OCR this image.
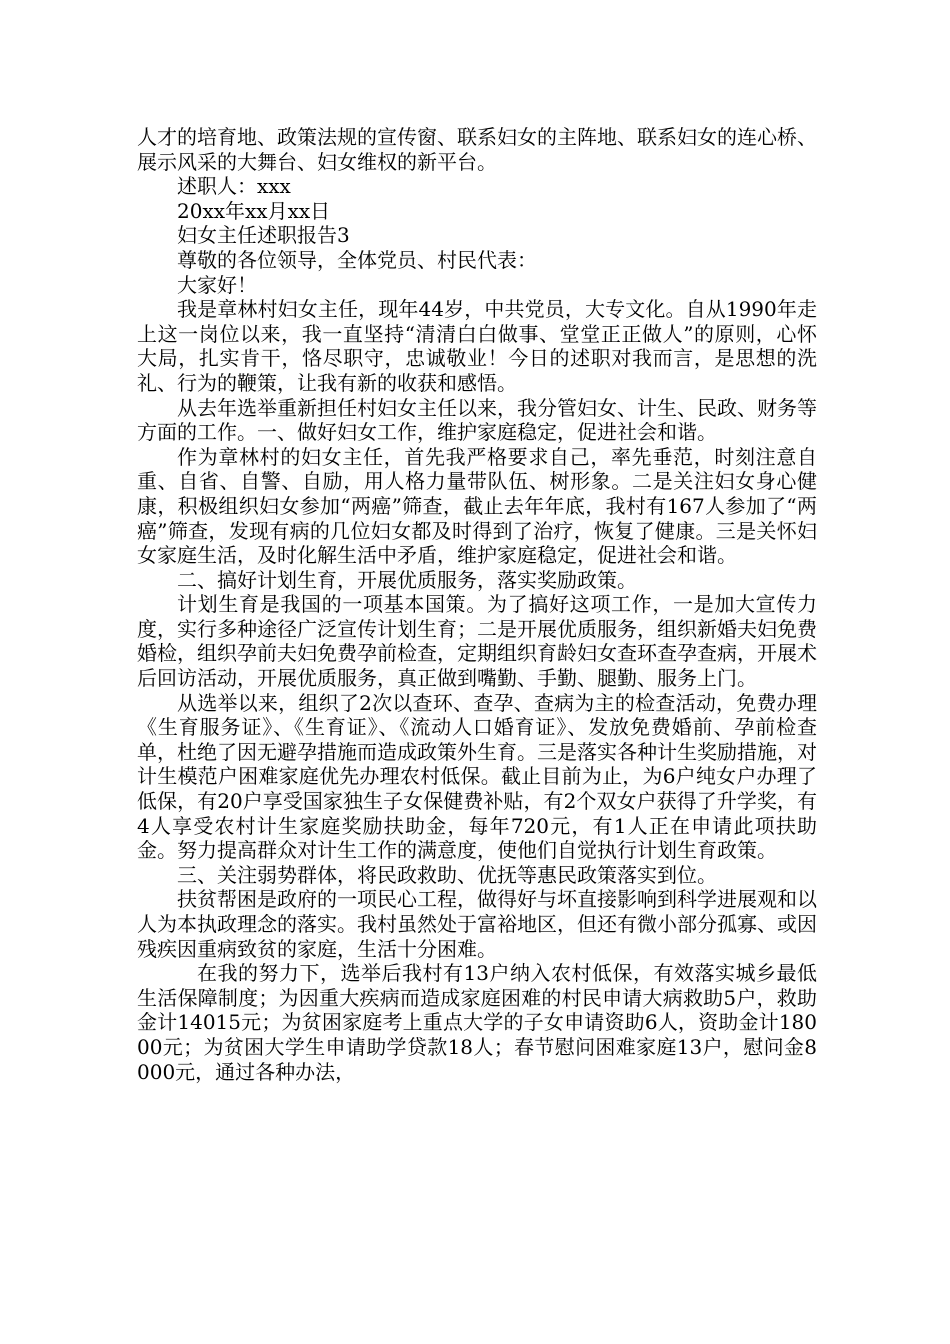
人才的培育地、政策法规的宣传窗、联系妇女的主阵地、联系妇女的连心桥、展示风采的大舞台、妇女维权的新平台。

述职人：xxx

20xx年xx月xx日

妇女主任述职报告3

尊敬的各位领导，全体党员、村民代表：

大家好！

我是章林村妇女主任，现年44岁，中共党员，大专文化。自从1990年走上这一岗位以来，我一直坚持“清清白白做事、堂堂正正做人”的原则，心怀大局，扎实肯干，恪尽职守，忠诚敬业！今日的述职对我而言，是思想的洗礼、行为的鞭策，让我有新的收获和感悟。

从去年选举重新担任村妇女主任以来，我分管妇女、计生、民政、财务等方面的工作。一、做好妇女工作，维护家庭稳定，促进社会和谐。

作为章林村的妇女主任，首先我严格要求自己，率先垂范，时刻注意自重、自省、自警、自励，用人格力量带队伍、树形象。二是关注妇女身心健康，积极组织妇女参加“两癌”筛查，截止去年年底，我村有167人参加了“两癌”筛查，发现有病的几位妇女都及时得到了治疗，恢复了健康。三是关怀妇女家庭生活，及时化解生活中矛盾，维护家庭稳定，促进社会和谐。

二、搞好计划生育，开展优质服务，落实奖励政策。

计划生育是我国的一项基本国策。为了搞好这项工作，一是加大宣传力度，实行多种途径广泛宣传计划生育；二是开展优质服务，组织新婚夫妇免费婚检，组织孕前夫妇免费孕前检查，定期组织育龄妇女查环查孕查病，开展术后回访活动，开展优质服务，真正做到嘴勤、手勤、腿勤、服务上门。

从选举以来，组织了2次以查环、查孕、查病为主的检查活动，免费办理《生育服务证》、《生育证》、《流动人口婚育证》、发放免费婚前、孕前检查单，杜绝了因无避孕措施而造成政策外生育。三是落实各种计生奖励措施，对计生模范户困难家庭优先办理农村低保。截止目前为止，为6户纯女户办理了低保，有20户享受国家独生子女保健费补贴，有2个双女户获得了升学奖，有4人享受农村计生家庭奖励扶助金，每年720元，有1人正在申请此项扶助金。努力提高群众对计生工作的满意度，使他们自觉执行计划生育政策。

三、关注弱势群体，将民政救助、优抚等惠民政策落实到位。

扶贫帮困是政府的一项民心工程，做得好与坏直接影响到科学进展观和以人为本执政理念的落实。我村虽然处于富裕地区，但还有微小部分孤寡、或因残疾因重病致贫的家庭，生活十分困难。

在我的努力下，选举后我村有13户纳入农村低保，有效落实城乡最低生活保障制度；为因重大疾病而造成家庭困难的村民申请大病救助5户，救助金计14015元；为贫困家庭考上重点大学的子女申请资助6人，资助金计18000元；为贫困大学生申请助学贷款18人；春节慰问困难家庭13户，慰问金8000元，通过各种办法，
